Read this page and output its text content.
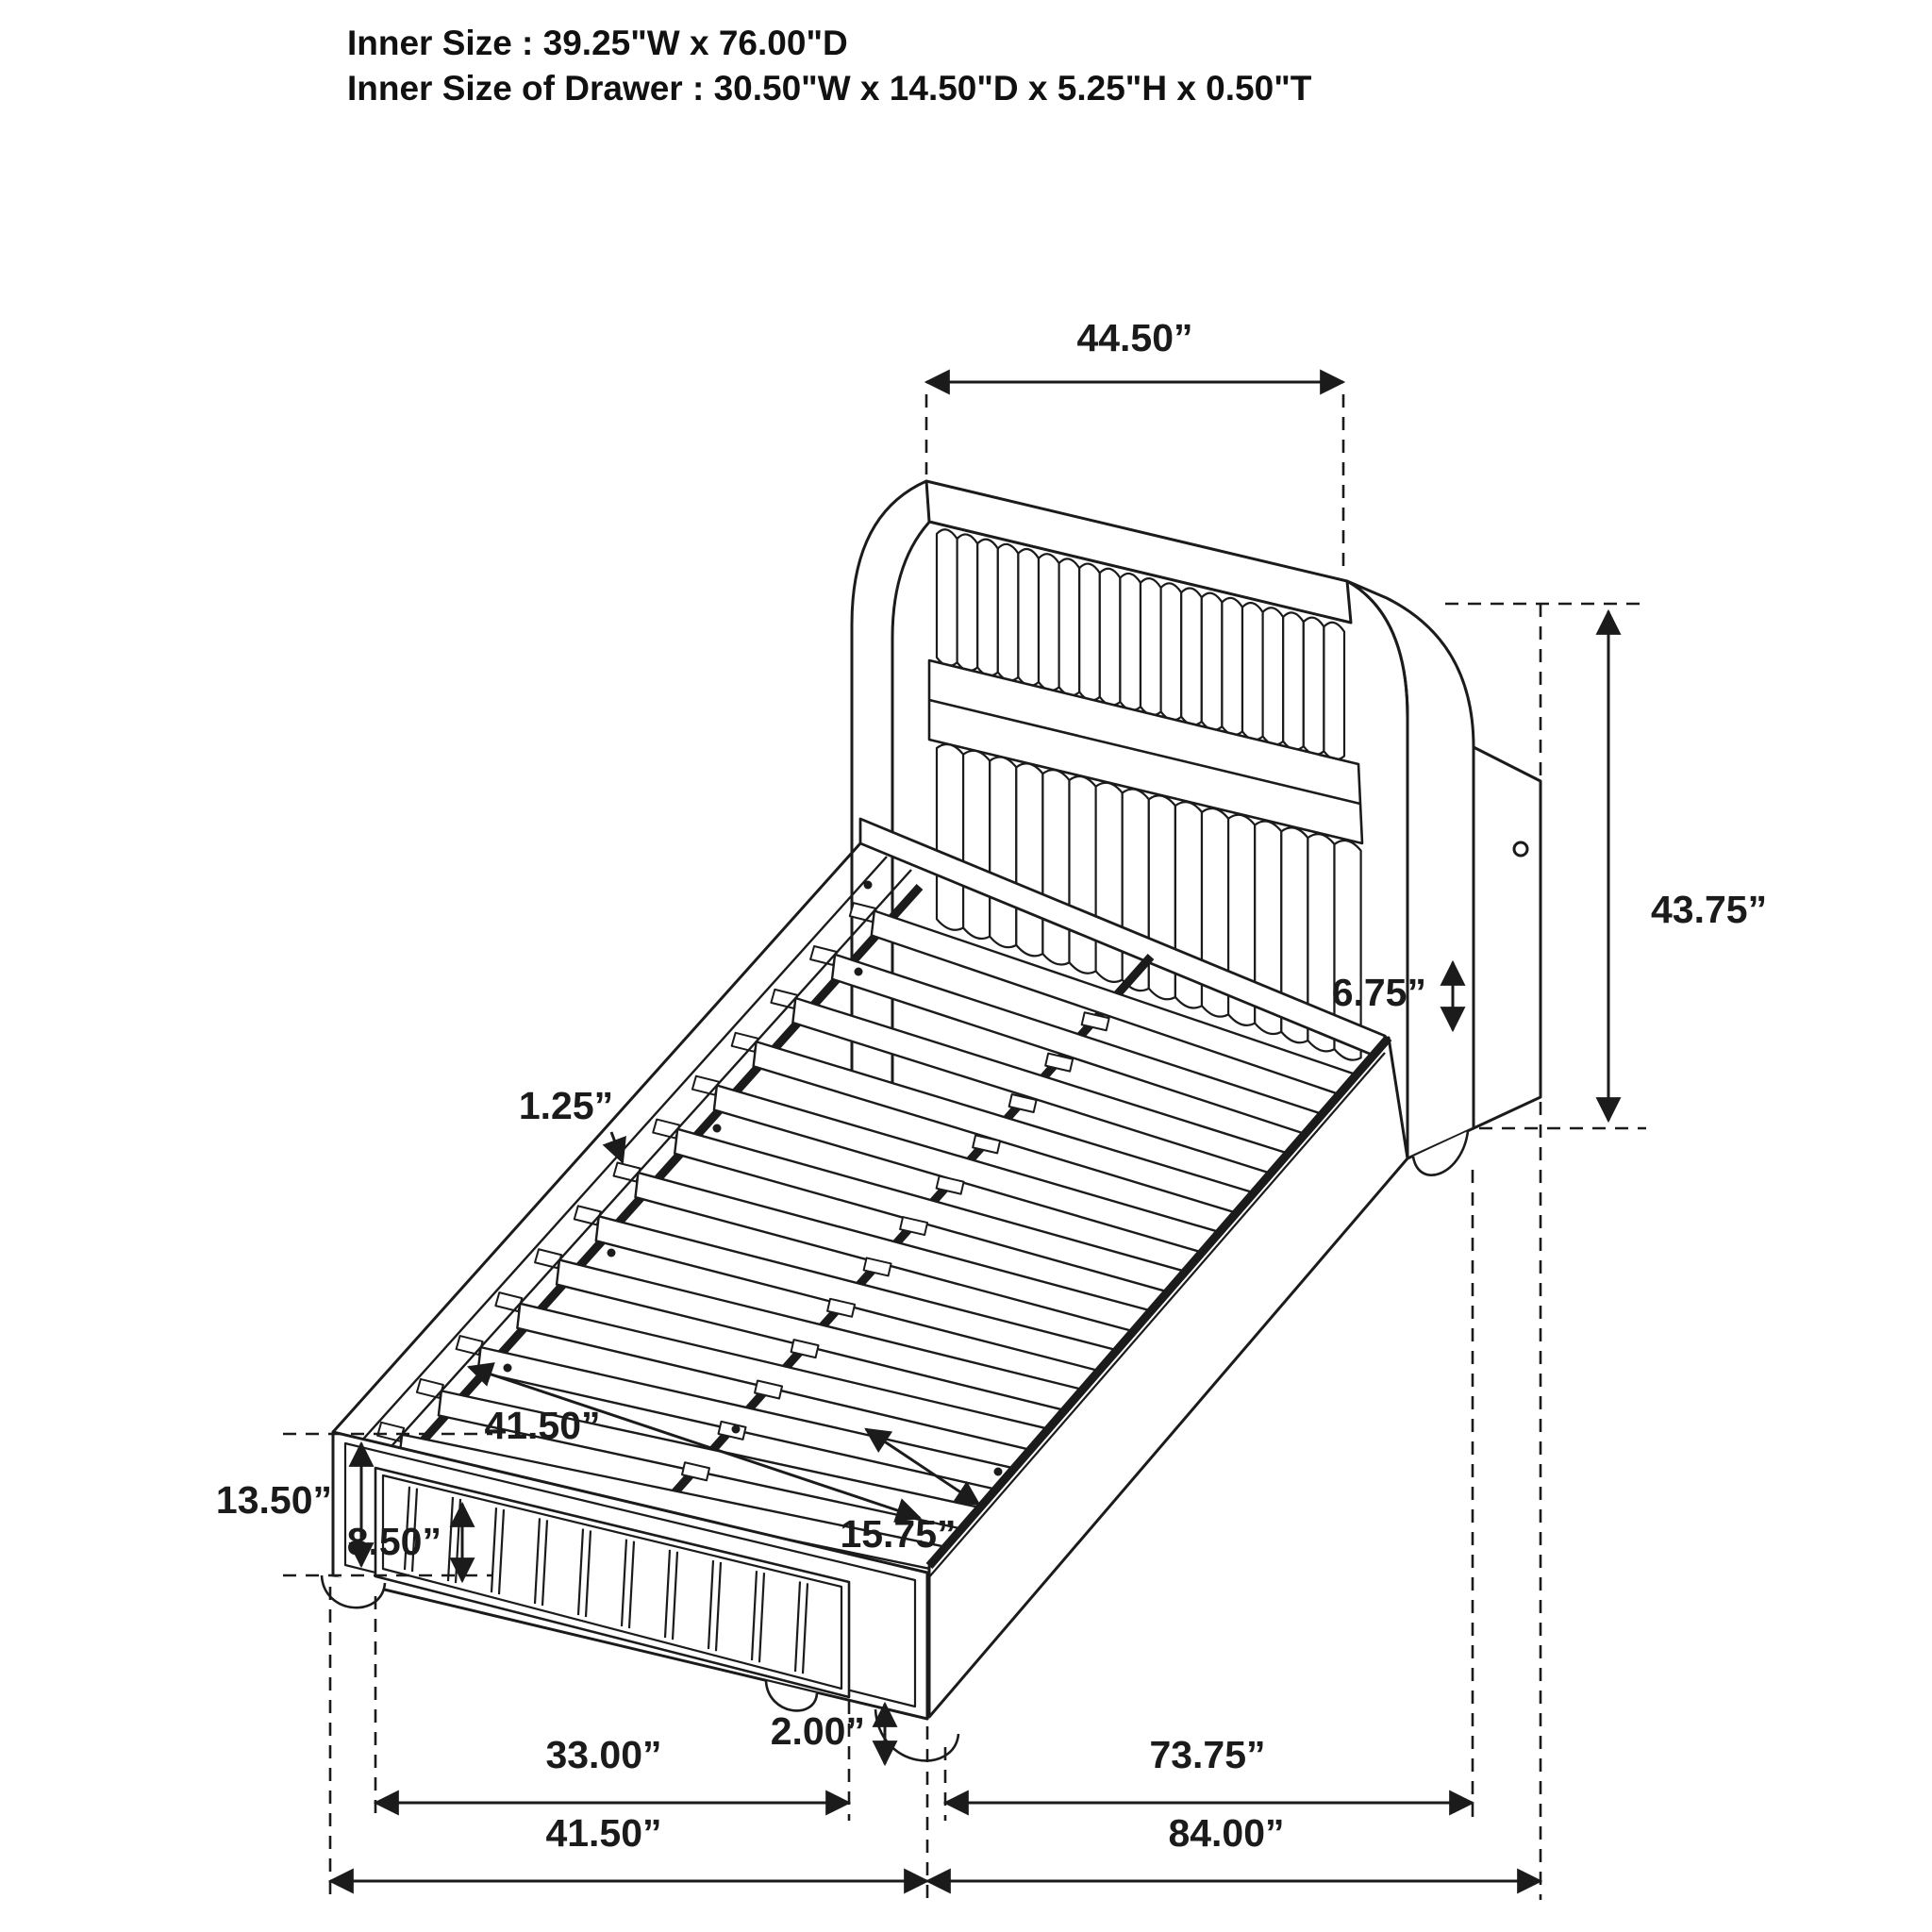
44.50”
43.75”
6.75”
1.25”
41.50”
15.75”
13.50”
8.50”
2.00”
33.00”	73.75”
41.50”	84.00”
Inner Size : 39.25"W x 76.00"D
Inner Size of Drawer : 30.50"W x 14.50"D x 5.25"H x 0.50"T
